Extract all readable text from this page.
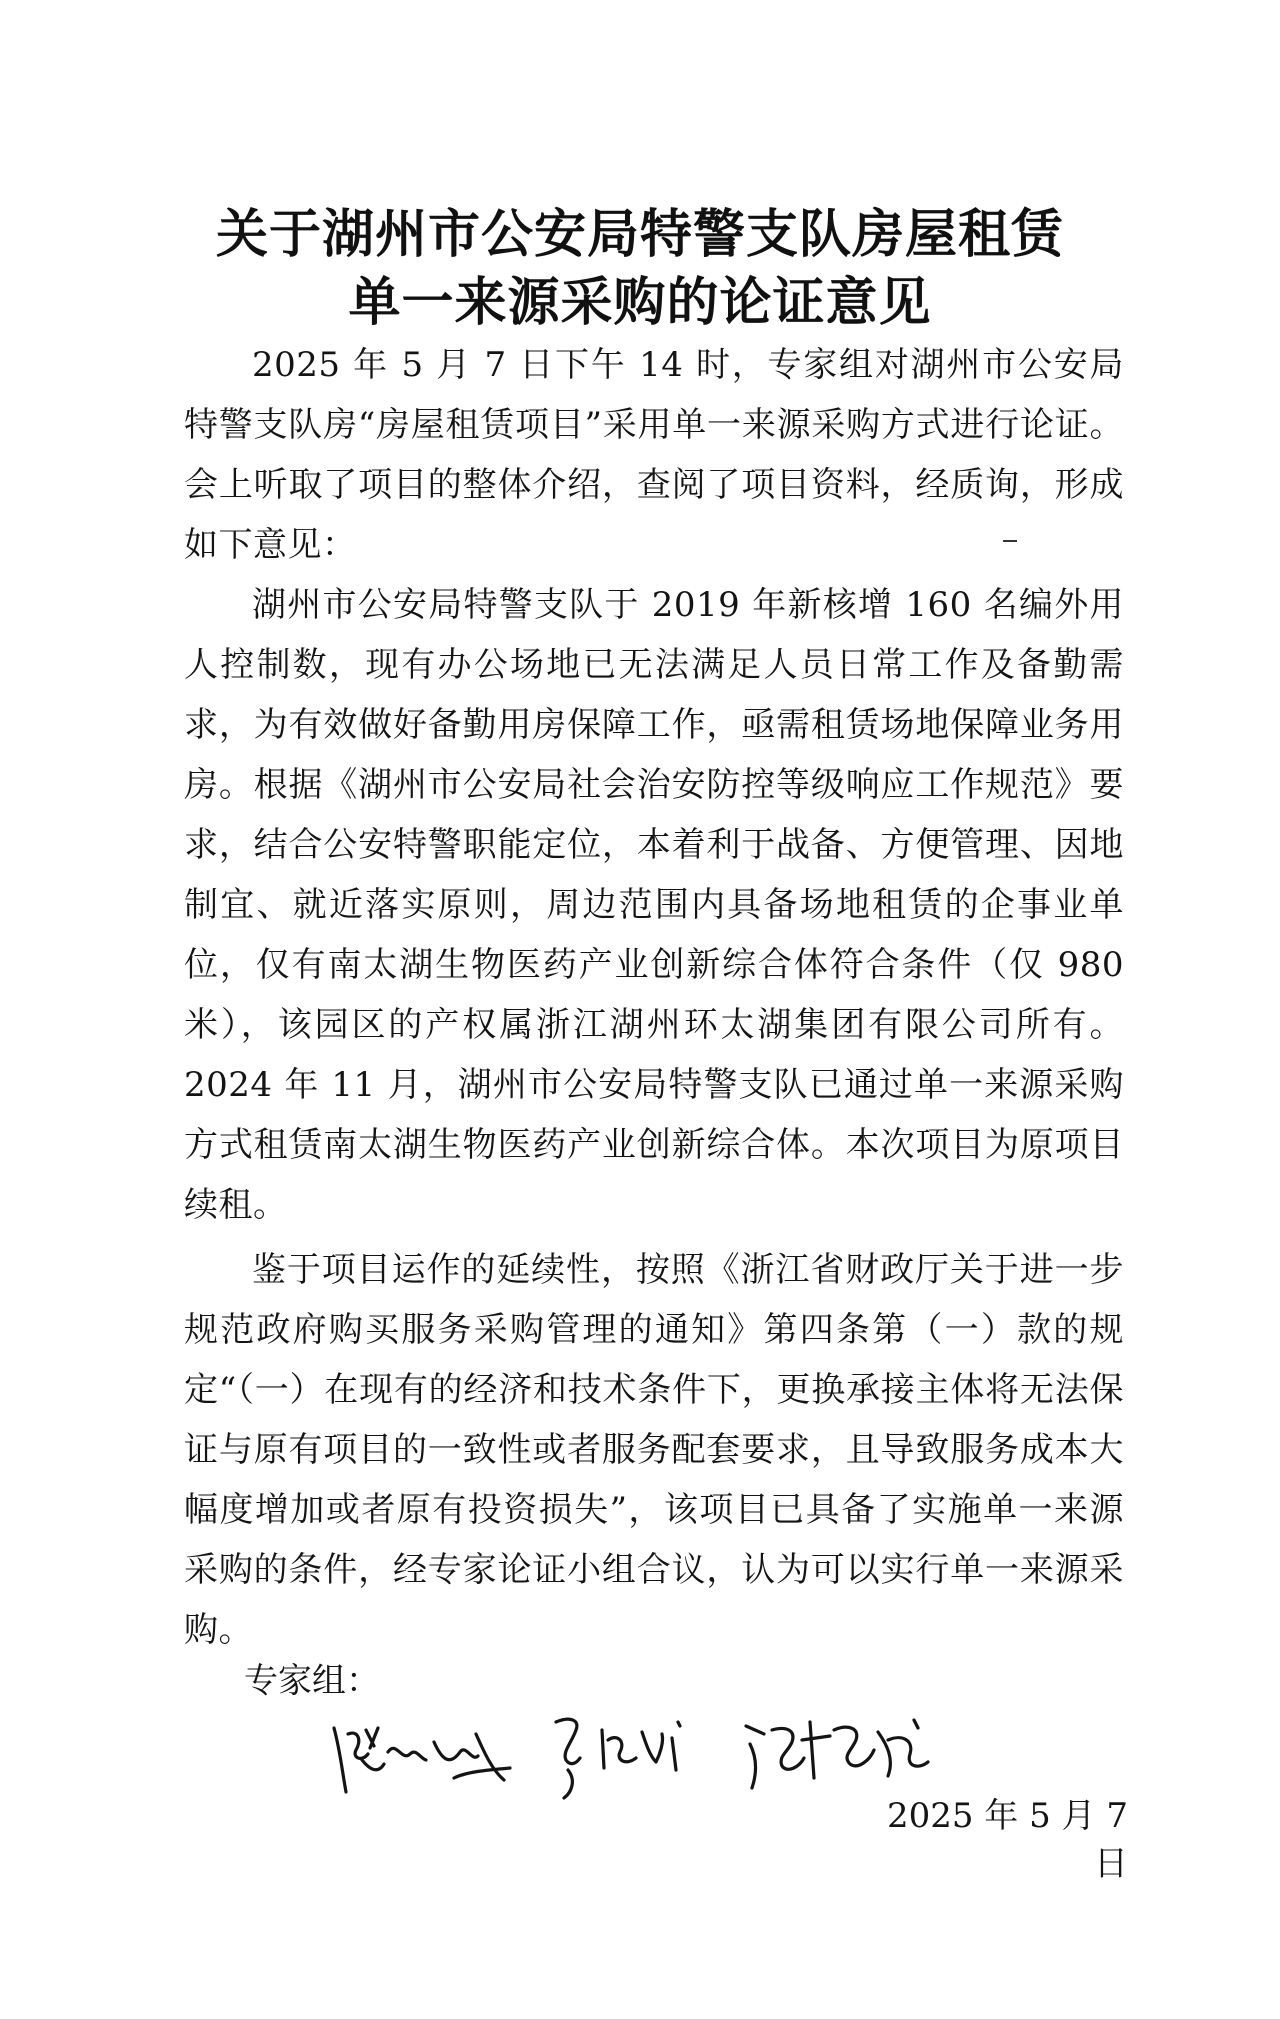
关于湖州市公安局特警支队房屋租赁
单一来源采购的论证意见

2025 年 5 月 7 日下午 14 时，专家组对湖州市公安局特警支队房“房屋租赁项目”采用单一来源采购方式进行论证。会上听取了项目的整体介绍，查阅了项目资料，经质询，形成如下意见：

湖州市公安局特警支队于 2019 年新核增 160 名编外用人控制数，现有办公场地已无法满足人员日常工作及备勤需求，为有效做好备勤用房保障工作，亟需租赁场地保障业务用房。根据《湖州市公安局社会治安防控等级响应工作规范》要求，结合公安特警职能定位，本着利于战备、方便管理、因地制宜、就近落实原则，周边范围内具备场地租赁的企事业单位，仅有南太湖生物医药产业创新综合体符合条件（仅 980 米），该园区的产权属浙江湖州环太湖集团有限公司所有。2024 年 11 月，湖州市公安局特警支队已通过单一来源采购方式租赁南太湖生物医药产业创新综合体。本次项目为原项目续租。

鉴于项目运作的延续性，按照《浙江省财政厅关于进一步规范政府购买服务采购管理的通知》第四条第（一）款的规定“（一）在现有的经济和技术条件下，更换承接主体将无法保证与原有项目的一致性或者服务配套要求，且导致服务成本大幅度增加或者原有投资损失”，该项目已具备了实施单一来源采购的条件，经专家论证小组合议，认为可以实行单一来源采购。

专家组：
2025 年 5 月 7 日
